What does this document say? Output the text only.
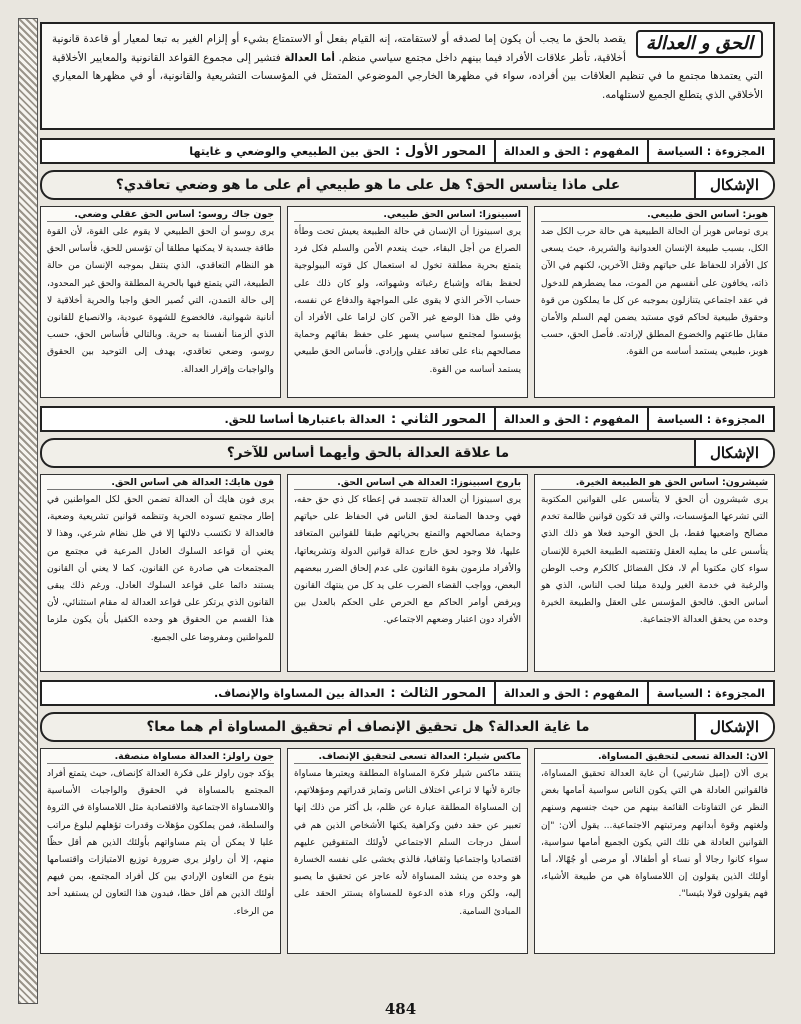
الحق و العدالة
يقصد بالحق ما يجب أن يكون إما لصدقه أو لاستقامته، إنه القيام بفعل أو الاستمتاع بشيء أو إلزام الغير به تبعا لمعيار أو قاعدة قانونية أخلاقية، تأطر علاقات الأفراد فيما بينهم داخل مجتمع سياسي منظم. أما العدالة فتشير إلى مجموع القواعد القانونية والمعايير الأخلاقية التي يعتمدها مجتمع ما في تنظيم العلاقات بين أفراده، سواء في مظهرها الخارجي الموضوعي المتمثل في المؤسسات التشريعية والقانونية، أو في مظهرها المعياري الأخلاقي الذي يتطلع الجميع لاستلهامه.
المجزوءة : السياسة
المفهوم : الحق و العدالة
المحور الأول :
الحق بين الطبيعي والوضعي و غايتها
الإشكال
على ماذا يتأسس الحق؟ هل على ما هو طبيعي أم على ما هو وضعي تعاقدي؟
هوبز: أساس الحق طبيعي.
يرى توماس هوبز أن الحالة الطبيعية هي حالة حرب الكل ضد الكل، بسبب طبيعة الإنسان العدوانية والشريرة، حيث يسعى كل الأفراد للحفاظ على حياتهم وقتل الآخرين، لكنهم في الآن ذاته، يخافون على أنفسهم من الموت، مما يضطرهم للدخول في عقد اجتماعي يتنازلون بموجبه عن كل ما يملكون من قوة وحقوق طبيعية لحاكم قوي مستبد يضمن لهم السلم والأمان مقابل طاعتهم والخضوع المطلق لإرادته. فأصل الحق، حسب هوبز، طبيعي يستمد أساسه من القوة.
اسبينوزا: أساس الحق طبيعي.
يرى اسبينوزا أن الإنسان في حالة الطبيعة يعيش تحت وطأة الصراع من أجل البقاء، حيث ينعدم الأمن والسلم فكل فرد يتمتع بحرية مطلقة تخول له استعمال كل قوته البيولوجية لحفظ بقائه وإشباع رغباته وشهواته، ولو كان ذلك على حساب الآخر الذي لا يقوى على المواجهة والدفاع عن نفسه، وفي ظل هذا الوضع غير الآمن كان لزاما على الأفراد أن يؤسسوا لمجتمع سياسي يسهر على حفظ بقائهم وحماية مصالحهم بناء على تعاقد عقلي وإرادي. فأساس الحق طبيعي يستمد أساسه من القوة.
جون جاك روسو: أساس الحق عقلي وضعي.
يرى روسو أن الحق الطبيعي لا يقوم على القوة، لأن القوة طاقة جسدية لا يمكنها مطلقا أن تؤسس للحق، فأساس الحق هو النظام التعاقدي، الذي ينتقل بموجبه الإنسان من حالة الطبيعة، التي يتمتع فيها بالحرية المطلقة والحق غير المحدود، إلى حالة التمدن، التي تُصير الحق واجبا والحرية أخلاقية لا أنانية شهوانية، فالخضوع للشهوة عبودية، والانصياع للقانون الذي ألزمنا أنفسنا به حرية. وبالتالي فأساس الحق، حسب روسو، وضعي تعاقدي، يهدف إلى التوحيد بين الحقوق والواجبات وإقرار العدالة.
المجزوءة : السياسة
المفهوم : الحق و العدالة
المحور الثاني :
العدالة باعتبارها أساسا للحق.
الإشكال
ما علاقة العدالة بالحق وأيهما أساس للآخر؟
شيشرون: أساس الحق هو الطبيعة الخيرة.
يرى شيشرون أن الحق لا يتأسس على القوانين المكتوبة التي تشرعها المؤسسات، والتي قد تكون قوانين ظالمة تخدم مصالح واضعيها فقط، بل الحق الوحيد فعلا هو ذلك الذي يتأسس على ما يمليه العقل وتقتضيه الطبيعة الخيرة للإنسان سواء كان مكتوبا أم لا، فكل الفضائل كالكرم وحب الوطن والرغبة في خدمة الغير وليدة ميلنا لحب الناس، الذي هو أساس الحق. فالحق المؤسس على العقل والطبيعة الخيرة وحده من يحقق العدالة الاجتماعية.
باروخ اسبينوزا: العدالة هي أساس الحق.
يرى اسبينوزا أن العدالة تتجسد في إعطاء كل ذي حق حقه، فهي وحدها الضامنة لحق الناس في الحفاظ على حياتهم وحماية مصالحهم والتمتع بحرياتهم طبقا للقوانين المتعاقد عليها، فلا وجود لحق خارج عدالة قوانين الدولة وتشريعاتها، والأفراد ملزمون بقوة القانون على عدم إلحاق الضرر ببعضهم البعض، وواجب القضاء الضرب على يد كل من ينتهك القانون ويرفض أوامر الحاكم مع الحرص على الحكم بالعدل بين الأفراد دون اعتبار وضعهم الاجتماعي.
فون هايك: العدالة هي أساس الحق.
يرى فون هايك أن العدالة تضمن الحق لكل المواطنين في إطار مجتمع تسوده الحرية وتنظمه قوانين تشريعية وضعية، فالعدالة لا تكتسب دلالتها إلا في ظل نظام شرعي، وهذا لا يعني أن قواعد السلوك العادل المرعية في مجتمع من المجتمعات هي صادرة عن القانون، كما لا يعني أن القانون يستند دائما على قواعد السلوك العادل. ورغم ذلك يبقى القانون الذي يرتكز على قواعد العدالة له مقام استثنائي، لأن هذا القسم من الحقوق هو وحده الكفيل بأن يكون ملزما للمواطنين ومفروضا على الجميع.
المجزوءة : السياسة
المفهوم : الحق و العدالة
المحور الثالث :
العدالة بين المساواة والإنصاف.
الإشكال
ما غاية العدالة؟ هل تحقيق الإنصاف أم تحقيق المساواة أم هما معا؟
ألان: العدالة تسعى لتحقيق المساواة.
يرى ألان (إميل شارتيي) أن غاية العدالة تحقيق المساواة، فالقوانين العادلة هي التي يكون الناس سواسية أمامها بغض النظر عن التفاوتات القائمة بينهم من حيث جنسهم وسنهم ولغتهم وقوة أبدانهم ومرتبتهم الاجتماعية... يقول ألان: "إن القوانين العادلة هي تلك التي يكون الجميع أمامها سواسية، سواء كانوا رجالا أو نساء أو أطفالا، أو مرضى أو جُهّالا، أما أولئك الذين يقولون إن اللامساواة هي من طبيعة الأشياء، فهم يقولون قولا بئيسا".
ماكس شيلر: العدالة تسعى لتحقيق الإنصاف.
ينتقد ماكس شيلر فكرة المساواة المطلقة ويعتبرها مساواة جائرة لأنها لا تراعي اختلاف الناس وتمايز قدراتهم ومؤهلاتهم، إن المساواة المطلقة عبارة عن ظلم، بل أكثر من ذلك إنها تعبير عن حقد دفين وكراهية يكنها الأشخاص الذين هم في أسفل درجات السلم الاجتماعي لأولئك المتفوقين عليهم اقتصاديا واجتماعيا وثقافيا، فالذي يخشى على نفسه الخسارة هو وحده من ينشد المساواة لأنه عاجز عن تحقيق ما يصبو إليه، ولكن وراء هذه الدعوة للمساواة يستتر الحقد على المبادئ السامية.
جون راولز: العدالة مساواة منصفة.
يؤكد جون راولز على فكرة العدالة كإنصاف، حيث يتمتع أفراد المجتمع بالمساواة في الحقوق والواجبات الأساسية واللامساواة الاجتماعية والاقتصادية مثل اللامساواة في الثروة والسلطة، فمن يملكون مؤهلات وقدرات تؤهلهم لبلوغ مراتب عليا لا يمكن أن يتم مساواتهم بأولئك الذين هم أقل حظّا منهم، إلا أن راولز يرى ضرورة توزيع الامتيازات واقتسامها بنوع من التعاون الإرادي بين كل أفراد المجتمع، بمن فيهم أولئك الذين هم أقل حظا، فبدون هذا التعاون لن يستفيد أحد من الرخاء.
484
